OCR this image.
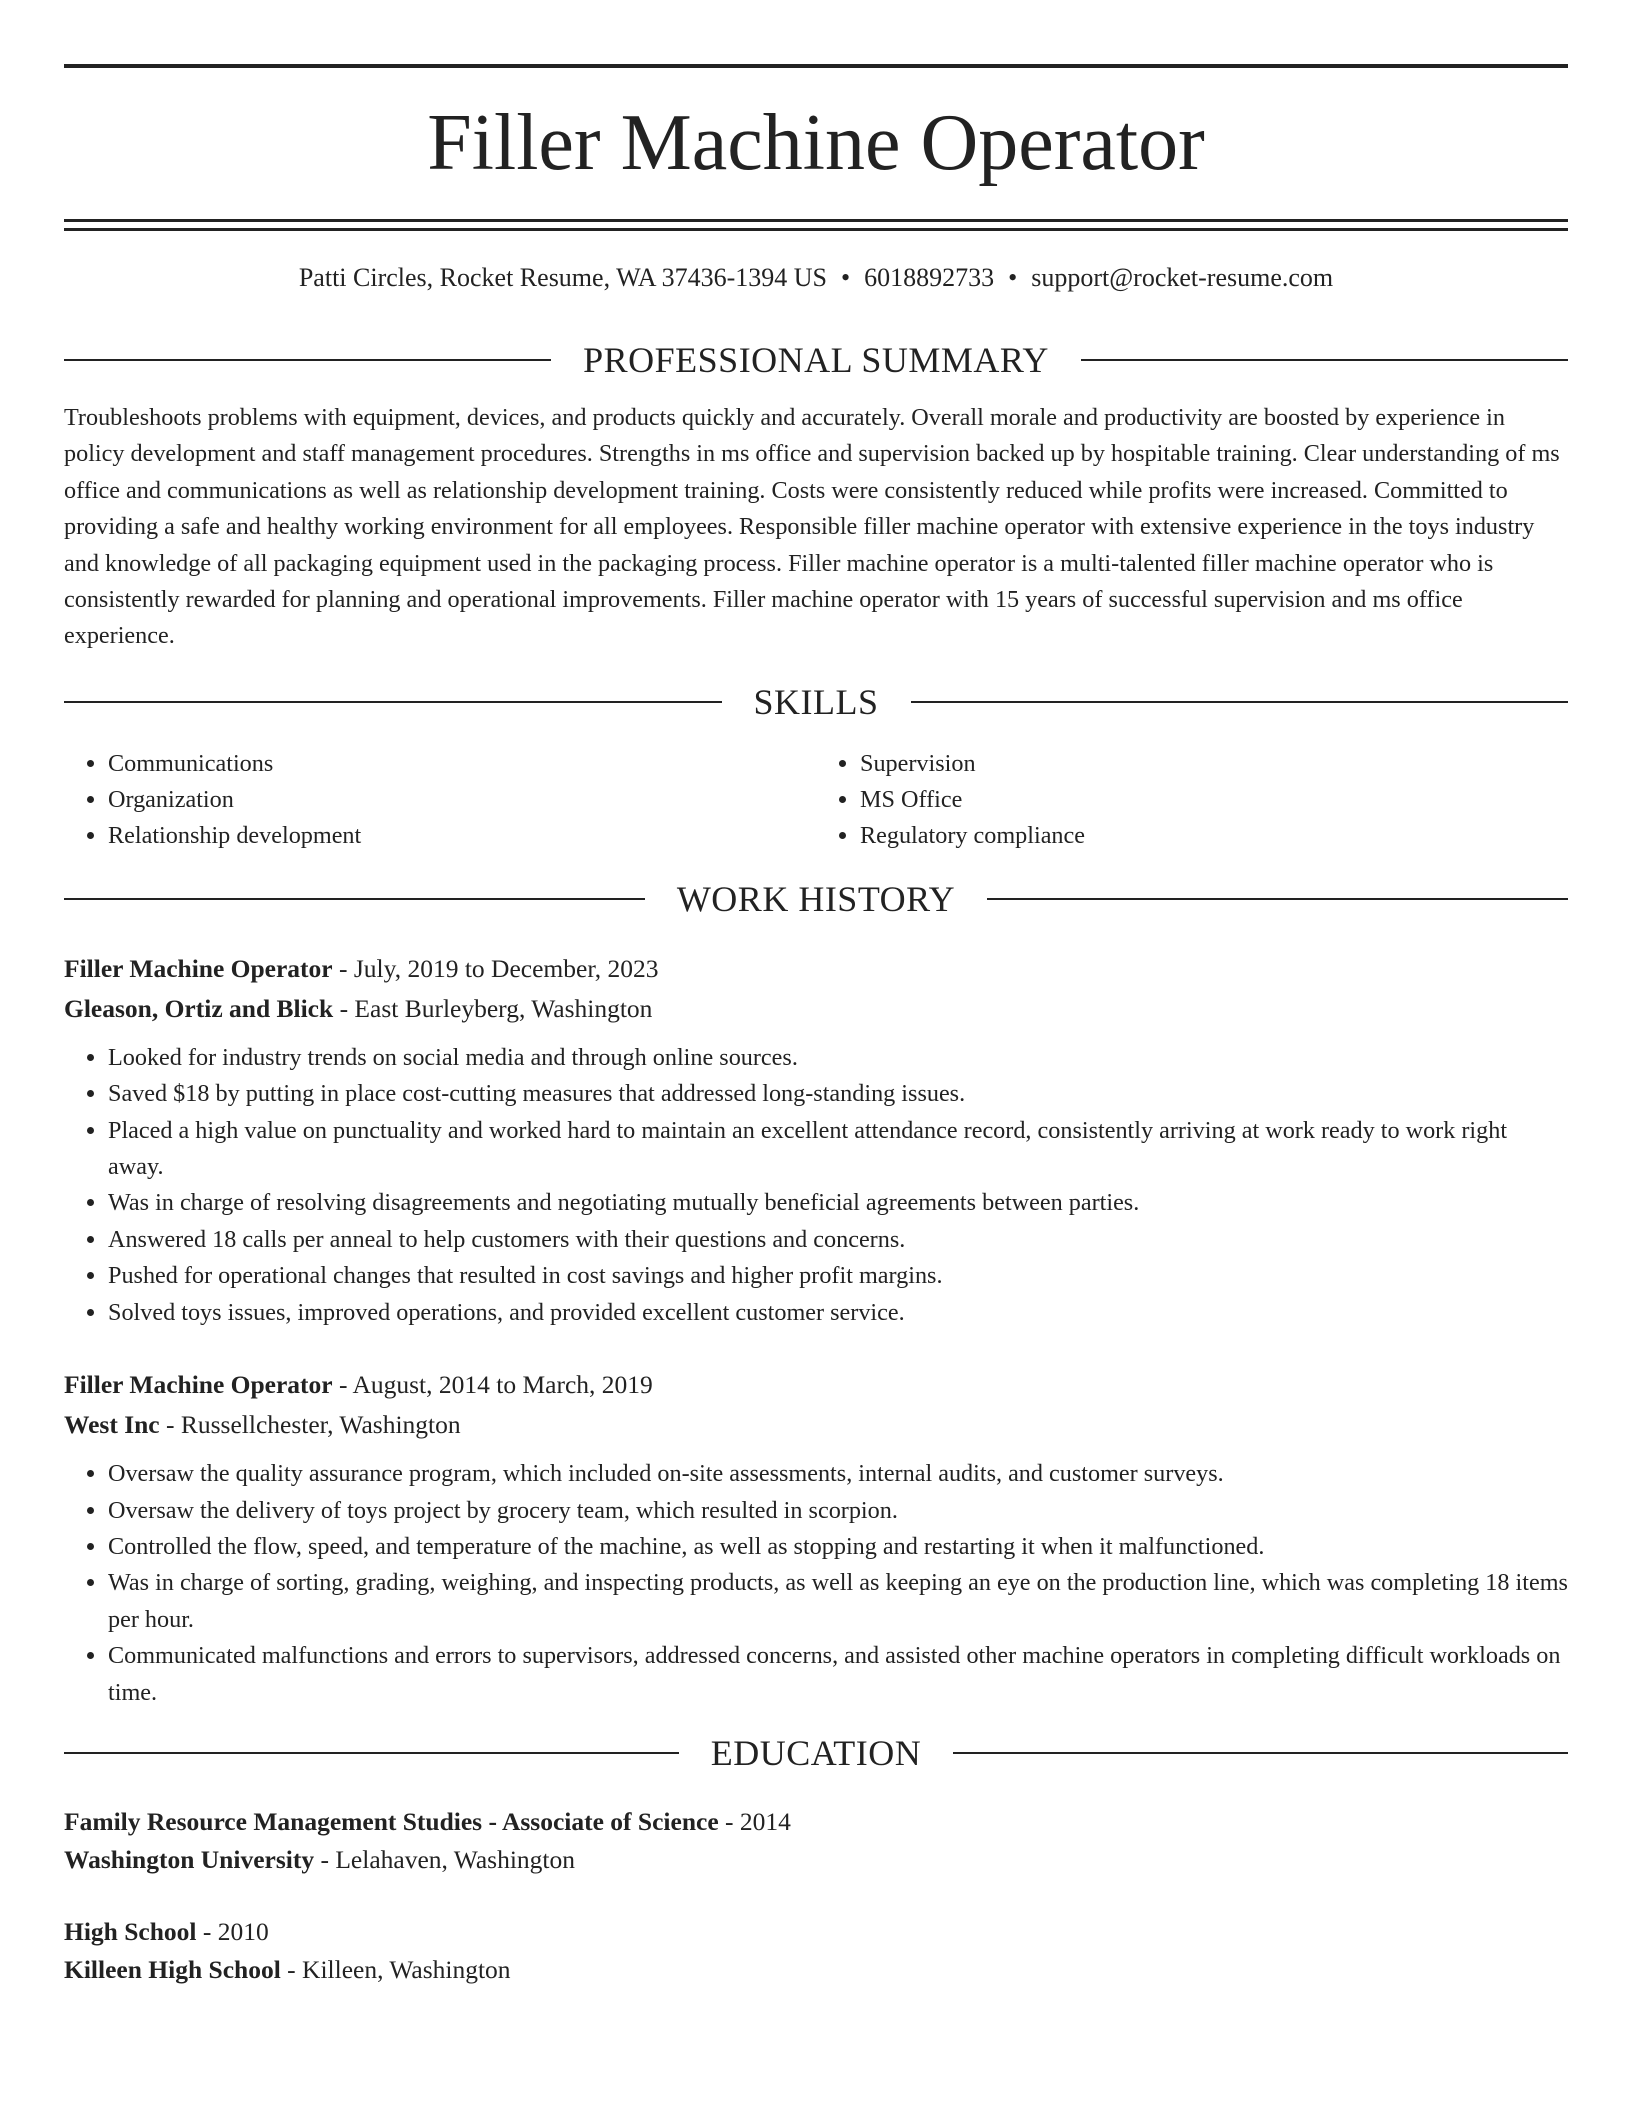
Filler Machine Operator
Patti Circles, Rocket Resume, WA 37436-1394 US • 6018892733 • support@rocket-resume.com
PROFESSIONAL SUMMARY

Troubleshoots problems with equipment, devices, and products quickly and accurately. Overall morale and productivity are boosted by experience in policy development and staff management procedures. Strengths in ms office and supervision backed up by hospitable training. Clear understanding of ms office and communications as well as relationship development training. Costs were consistently reduced while profits were increased. Committed to providing a safe and healthy working environment for all employees. Responsible filler machine operator with extensive experience in the toys industry and knowledge of all packaging equipment used in the packaging process. Filler machine operator is a multi-talented filler machine operator who is consistently rewarded for planning and operational improvements. Filler machine operator with 15 years of successful supervision and ms office experience.

SKILLS
• Communications
• Organization
• Relationship development
• Supervision
• MS Office
• Regulatory compliance
WORK HISTORY
Filler Machine Operator - July, 2019 to December, 2023
Gleason, Ortiz and Blick - East Burleyberg, Washington
• Looked for industry trends on social media and through online sources.
• Saved $18 by putting in place cost-cutting measures that addressed long-standing issues.
• Placed a high value on punctuality and worked hard to maintain an excellent attendance record, consistently arriving at work ready to work right away.
• Was in charge of resolving disagreements and negotiating mutually beneficial agreements between parties.
• Answered 18 calls per anneal to help customers with their questions and concerns.
• Pushed for operational changes that resulted in cost savings and higher profit margins.
• Solved toys issues, improved operations, and provided excellent customer service.
Filler Machine Operator - August, 2014 to March, 2019
West Inc - Russellchester, Washington
• Oversaw the quality assurance program, which included on-site assessments, internal audits, and customer surveys.
• Oversaw the delivery of toys project by grocery team, which resulted in scorpion.
• Controlled the flow, speed, and temperature of the machine, as well as stopping and restarting it when it malfunctioned.
• Was in charge of sorting, grading, weighing, and inspecting products, as well as keeping an eye on the production line, which was completing 18 items per hour.
• Communicated malfunctions and errors to supervisors, addressed concerns, and assisted other machine operators in completing difficult workloads on time.
EDUCATION
Family Resource Management Studies - Associate of Science - 2014
Washington University - Lelahaven, Washington
High School - 2010
Killeen High School - Killeen, Washington
